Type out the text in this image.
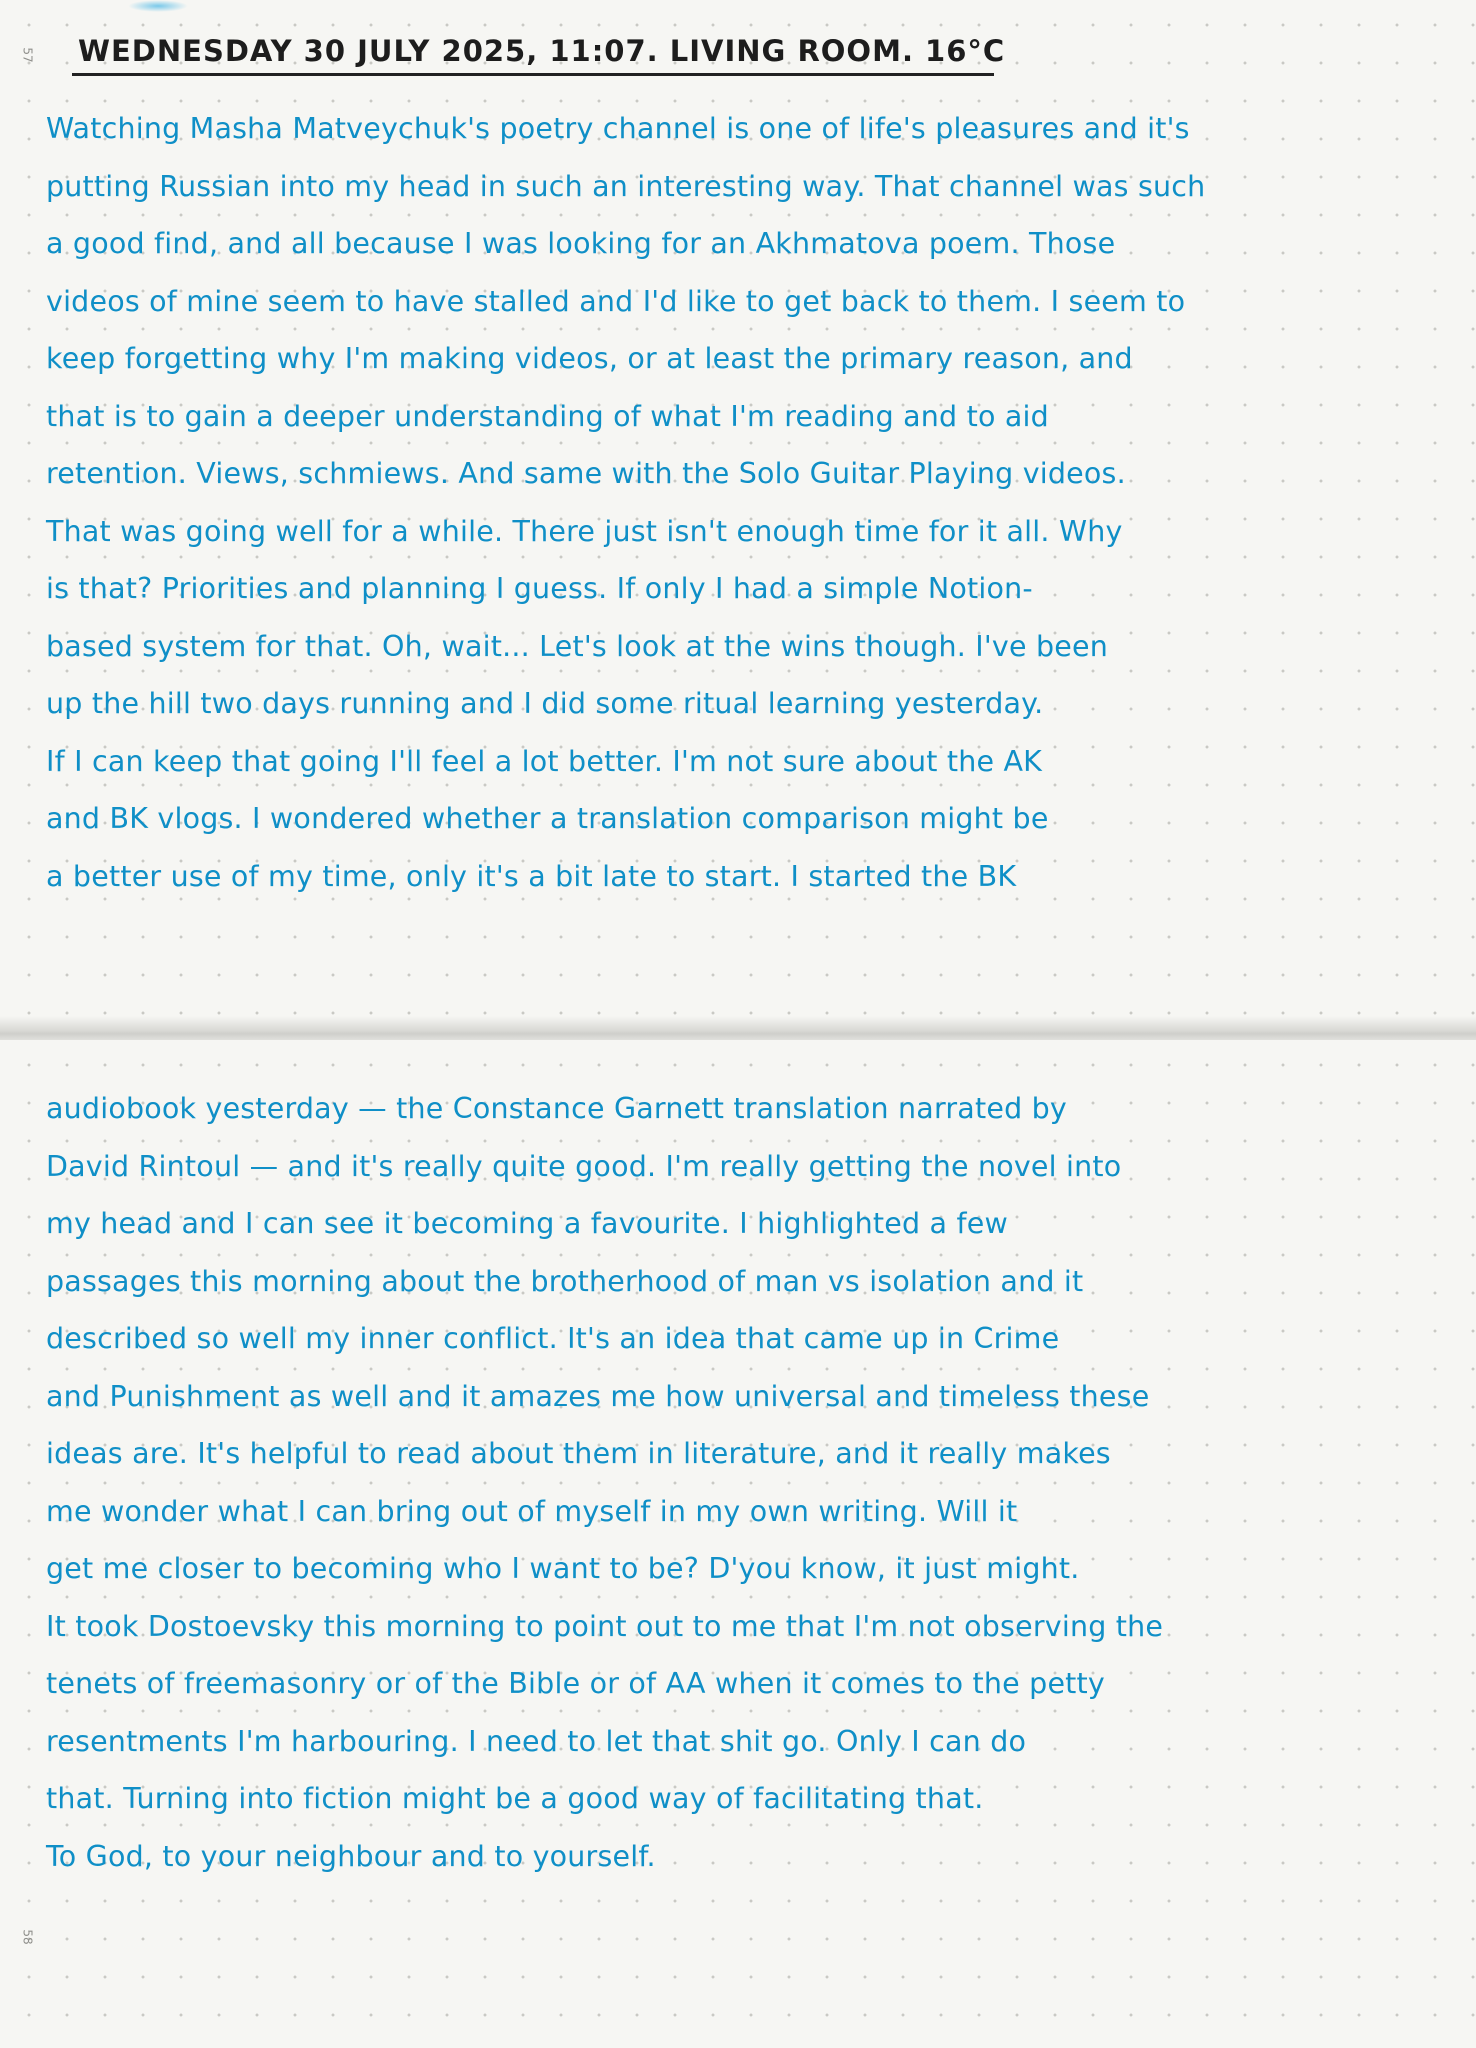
57
58
WEDNESDAY 30 JULY 2025, 11:07. LIVING ROOM. 16°C
Watching Masha Matveychuk's poetry channel is one of life's pleasures and it's
putting Russian into my head in such an interesting way. That channel was such
a good find, and all because I was looking for an Akhmatova poem. Those
videos of mine seem to have stalled and I'd like to get back to them. I seem to
keep forgetting why I'm making videos, or at least the primary reason, and
that is to gain a deeper understanding of what I'm reading and to aid
retention. Views, schmiews. And same with the Solo Guitar Playing videos.
That was going well for a while. There just isn't enough time for it all. Why
is that? Priorities and planning I guess. If only I had a simple Notion-
based system for that. Oh, wait... Let's look at the wins though. I've been
up the hill two days running and I did some ritual learning yesterday.
If I can keep that going I'll feel a lot better. I'm not sure about the AK
and BK vlogs. I wondered whether a translation comparison might be
a better use of my time, only it's a bit late to start. I started the BK
audiobook yesterday — the Constance Garnett translation narrated by
David Rintoul — and it's really quite good. I'm really getting the novel into
my head and I can see it becoming a favourite. I highlighted a few
passages this morning about the brotherhood of man vs isolation and it
described so well my inner conflict. It's an idea that came up in Crime
and Punishment as well and it amazes me how universal and timeless these
ideas are. It's helpful to read about them in literature, and it really makes
me wonder what I can bring out of myself in my own writing. Will it
get me closer to becoming who I want to be? D'you know, it just might.
It took Dostoevsky this morning to point out to me that I'm not observing the
tenets of freemasonry or of the Bible or of AA when it comes to the petty
resentments I'm harbouring. I need to let that shit go. Only I can do
that. Turning into fiction might be a good way of facilitating that.
To God, to your neighbour and to yourself.
